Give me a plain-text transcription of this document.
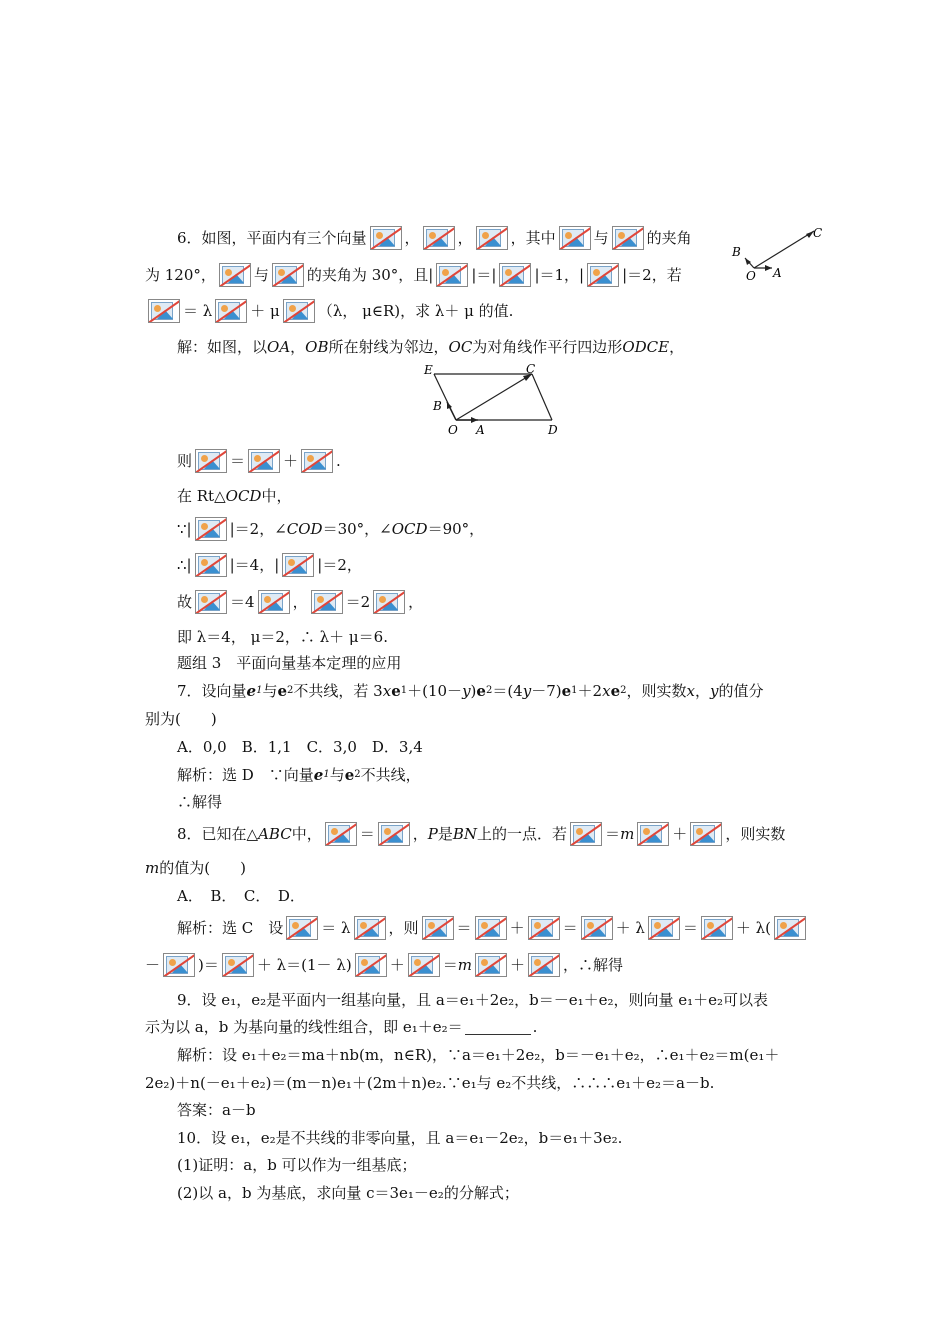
6．如图，平面内有三个向量	，	，	，其中	与	的夹角	C
B
O A
为 120°，	与	的夹角为 30°，且|	|＝|	|＝1，|	|＝2，若
＝ λ	＋ μ	（λ， μ∈R)，求 λ＋ μ 的值.
解：如图，以 OA ， OB 所在射线为邻边， OC 为对角线作平行四边形 ODCE ，
E	C
B
O A	D
则	＝	＋	.
在 Rt△ OCD 中，
∵|	|＝2，∠ COD ＝30°，∠ OCD ＝90°，
∴|	|＝4，|	|＝2，
故	＝4	，	＝2	，
即 λ＝4， μ＝2，∴ λ＋ μ＝6.
题组 3　平面向量基本定理的应用
7．设向量 e 1 与 e 2 不共线，若 3 x e 1 ＋(10－ y ) e 2 ＝(4 y －7) e 1 ＋2 x e 2 ，则实数 x ， y 的值分
别为(　　)
A．0,0　B．1,1　C．3,0　D．3,4
解析：选 D　∵向量 e 1 与 e 2 不共线，
∴解得
8．已知在△ ABC 中，	＝	， P 是 BN 上的一点．若	＝ m	＋	，则实数
m 的值为(　　)
A．　B．　C．　D．
解析：选 C　设	＝ λ	，则	＝	＋	＝	＋ λ	＝	＋ λ(
－	)＝	＋ λ＝(1－ λ)	＋	＝ m	＋	，∴解得
9．设 e₁，e₂是平面内一组基向量，且 a＝e₁＋2e₂，b＝－e₁＋e₂，则向量 e₁＋e₂可以表
示为以 a，b 为基向量的线性组合，即 e₁＋e₂＝	.
解析：设 e₁＋e₂＝ma＋nb(m，n∈R)，∵a＝e₁＋2e₂，b＝－e₁＋e₂，∴e₁＋e₂＝m(e₁＋
2e₂)＋n(－e₁＋e₂)＝(m－n)e₁＋(2m＋n)e₂.∵e₁与 e₂不共线，∴∴∴e₁＋e₂＝a－b.
答案：a－b
10．设 e₁，e₂是不共线的非零向量，且 a＝e₁－2e₂，b＝e₁＋3e₂.
(1)证明：a，b 可以作为一组基底；
(2)以 a，b 为基底，求向量 c＝3e₁－e₂的分解式；
